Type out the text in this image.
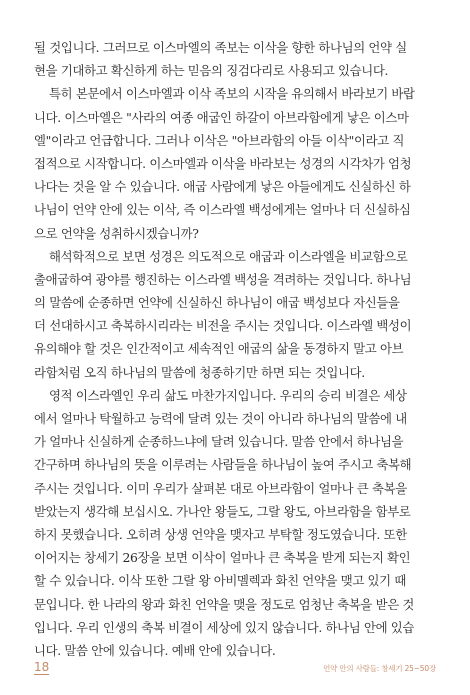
될 것입니다. 그러므로 이스마엘의 족보는 이삭을 향한 하나님의 언약 실
현을 기대하고 확신하게 하는 믿음의 징검다리로 사용되고 있습니다.
특히 본문에서 이스마엘과 이삭 족보의 시작을 유의해서 바라보기 바랍
니다. 이스마엘은 "사라의 여종 애굽인 하갈이 아브라함에게 낳은 이스마
엘"이라고 언급합니다. 그러나 이삭은 "아브라함의 아들 이삭"이라고 직
접적으로 시작합니다. 이스마엘과 이삭을 바라보는 성경의 시각차가 엄청
나다는 것을 알 수 있습니다. 애굽 사람에게 낳은 아들에게도 신실하신 하
나님이 언약 안에 있는 이삭, 즉 이스라엘 백성에게는 얼마나 더 신실하심
으로 언약을 성취하시겠습니까?
해석학적으로 보면 성경은 의도적으로 애굽과 이스라엘을 비교함으로
출애굽하여 광야를 행진하는 이스라엘 백성을 격려하는 것입니다. 하나님
의 말씀에 순종하면 언약에 신실하신 하나님이 애굽 백성보다 자신들을
더 선대하시고 축복하시리라는 비전을 주시는 것입니다. 이스라엘 백성이
유의해야 할 것은 인간적이고 세속적인 애굽의 삶을 동경하지 말고 아브
라함처럼 오직 하나님의 말씀에 청종하기만 하면 되는 것입니다.
영적 이스라엘인 우리 삶도 마찬가지입니다. 우리의 승리 비결은 세상
에서 얼마나 탁월하고 능력에 달려 있는 것이 아니라 하나님의 말씀에 내
가 얼마나 신실하게 순종하느냐에 달려 있습니다. 말씀 안에서 하나님을
간구하며 하나님의 뜻을 이루려는 사람들을 하나님이 높여 주시고 축복해
주시는 것입니다. 이미 우리가 살펴본 대로 아브라함이 얼마나 큰 축복을
받았는지 생각해 보십시오. 가나안 왕들도, 그랄 왕도, 아브라함을 함부로
하지 못했습니다. 오히려 상생 언약을 맺자고 부탁할 정도였습니다. 또한
이어지는 창세기 26장을 보면 이삭이 얼마나 큰 축복을 받게 되는지 확인
할 수 있습니다. 이삭 또한 그랄 왕 아비멜렉과 화친 언약을 맺고 있기 때
문입니다. 한 나라의 왕과 화친 언약을 맺을 정도로 엄청난 축복을 받은 것
입니다. 우리 인생의 축복 비결이 세상에 있지 않습니다. 하나님 안에 있습
니다. 말씀 안에 있습니다. 예배 안에 있습니다.
18	언약 안의 사람들: 창세기 25~50장
